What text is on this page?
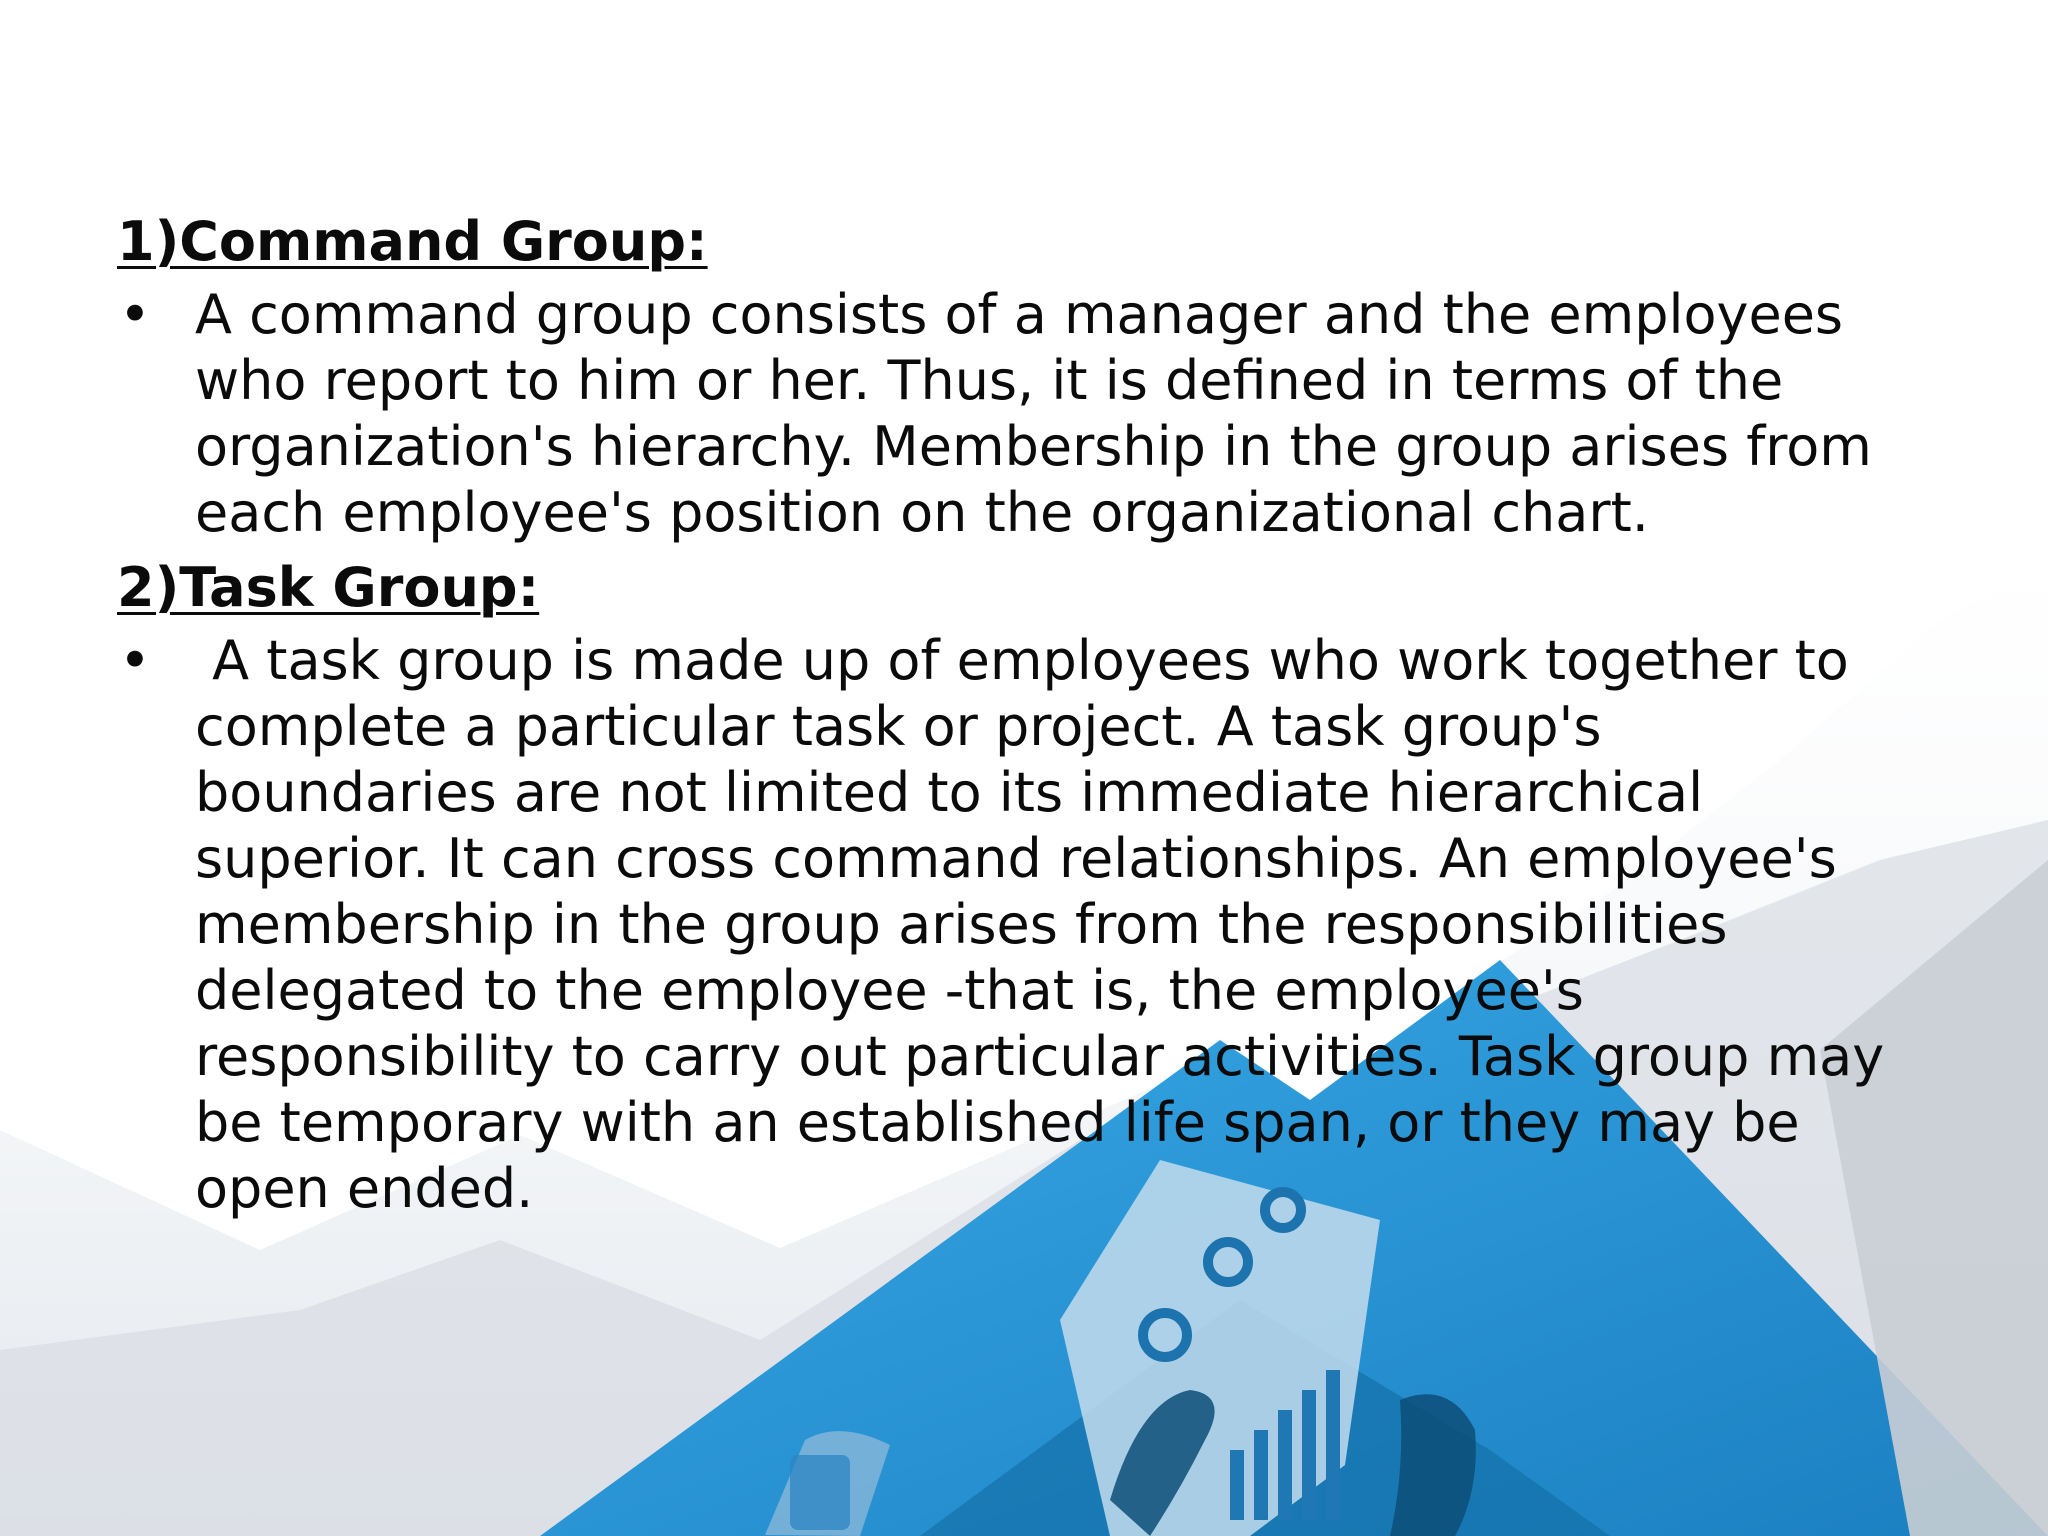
1)Command Group:
• A command group consists of a manager and the employees
who report to him or her. Thus, it is defined in terms of the
organization's hierarchy. Membership in the group arises from
each employee's position on the organizational chart.

2)Task Group:
•	A task group is made up of employees who work together to
complete a particular task or project. A task group's
boundaries are not limited to its immediate hierarchical
superior. It can cross command relationships. An employee's
membership in the group arises from the responsibilities
delegated to the employee -that is, the employee's
responsibility to carry out particular activities. Task group may
be temporary with an established life span, or they may be
open ended.
